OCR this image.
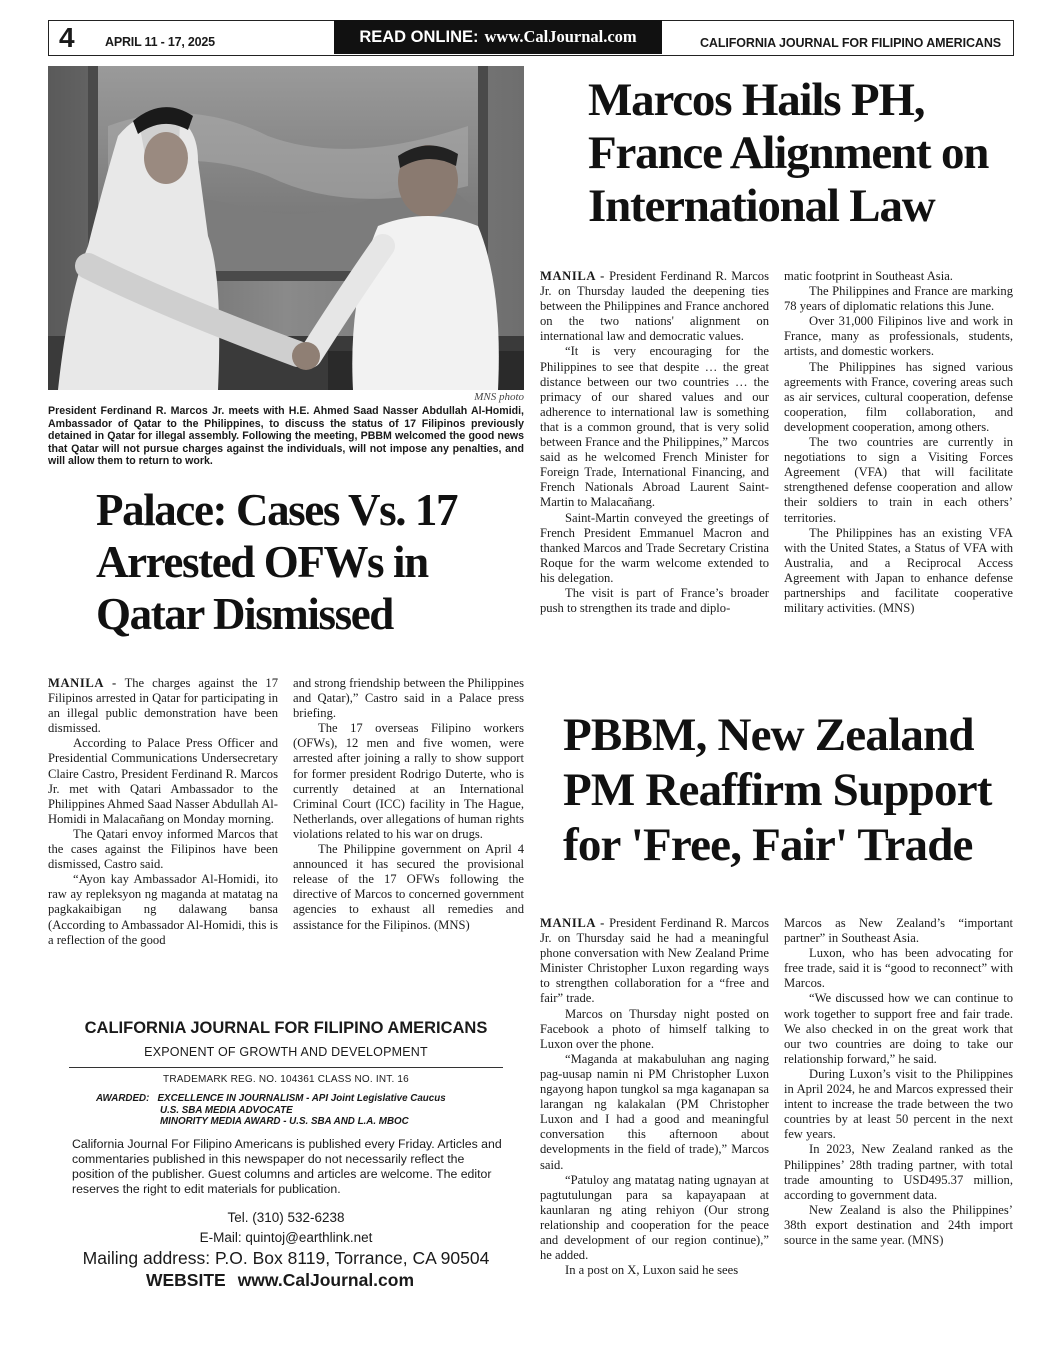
4 APRIL 11 - 17, 2025	READ ONLINE: www.CalJournal.com	CALIFORNIA JOURNAL FOR FILIPINO AMERICANS
MNS photo
President Ferdinand R. Marcos Jr. meets with H.E. Ahmed Saad Nasser Abdullah Al-Homidi, Ambassador of Qatar to the Philippines, to discuss the status of 17 Filipinos previously detained in Qatar for illegal assembly. Following the meeting, PBBM welcomed the good news that Qatar will not pursue charges against the individuals, will not impose any penalties, and will allow them to return to work.
Marcos Hails PH, France Alignment on International Law

MANILA - President Ferdinand R. Marcos Jr. on Thursday lauded the deepening ties between the Philippines and France anchored on the two nations' alignment on international law and democratic values.

“It is very encouraging for the Philippines to see that despite … the great distance between our two countries … the primacy of our shared values and our adherence to international law is something that is a common ground, that is very solid between France and the Philippines,” Marcos said as he welcomed French Minister for Foreign Trade, International Financing, and French Nationals Abroad Laurent Saint-Martin to Malacañang.

Saint-Martin conveyed the greetings of French President Emmanuel Macron and thanked Marcos and Trade Secretary Cristina Roque for the warm welcome extended to his delegation.

The visit is part of France’s broader push to strengthen its trade and diplo-

matic footprint in Southeast Asia.

The Philippines and France are marking 78 years of diplomatic relations this June.

Over 31,000 Filipinos live and work in France, many as professionals, students, artists, and domestic workers.

The Philippines has signed various agreements with France, covering areas such as air services, cultural cooperation, defense cooperation, film collaboration, and development cooperation, among others.

The two countries are currently in negotiations to sign a Visiting Forces Agreement (VFA) that will facilitate strengthened defense cooperation and allow their soldiers to train in each others’ territories.

The Philippines has an existing VFA with the United States, a Status of VFA with Australia, and a Reciprocal Access Agreement with Japan to enhance defense partnerships and facilitate cooperative military activities. (MNS)

Palace: Cases Vs. 17 Arrested OFWs in Qatar Dismissed

MANILA - The charges against the 17 Filipinos arrested in Qatar for participating in an illegal public demonstration have been dismissed.

According to Palace Press Officer and Presidential Communications Undersecretary Claire Castro, President Ferdinand R. Marcos Jr. met with Qatari Ambassador to the Philippines Ahmed Saad Nasser Abdullah Al-Homidi in Malacañang on Monday morning.

The Qatari envoy informed Marcos that the cases against the Filipinos have been dismissed, Castro said.

“Ayon kay Ambassador Al-Homidi, ito raw ay repleksyon ng maganda at matatag na pagkakaibigan ng dalawang bansa (According to Ambassador Al-Homidi, this is a reflection of the good

and strong friendship between the Philippines and Qatar),” Castro said in a Palace press briefing.

The 17 overseas Filipino workers (OFWs), 12 men and five women, were arrested after joining a rally to show support for former president Rodrigo Duterte, who is currently detained at an International Criminal Court (ICC) facility in The Hague, Netherlands, over allegations of human rights violations related to his war on drugs.

The Philippine government on April 4 announced it has secured the provisional release of the 17 OFWs following the directive of Marcos to concerned government agencies to exhaust all remedies and assistance for the Filipinos. (MNS)

PBBM, New Zealand PM Reaffirm Support for 'Free, Fair' Trade

MANILA - President Ferdinand R. Marcos Jr. on Thursday said he had a meaningful phone conversation with New Zealand Prime Minister Christopher Luxon regarding ways to strengthen collaboration for a “free and fair” trade.

Marcos on Thursday night posted on Facebook a photo of himself talking to Luxon over the phone.

“Maganda at makabuluhan ang naging pag-uusap namin ni PM Christopher Luxon ngayong hapon tungkol sa mga kaganapan sa larangan ng kalakalan (PM Christopher Luxon and I had a good and meaningful conversation this afternoon about developments in the field of trade),” Marcos said.

“Patuloy ang matatag nating ugnayan at pagtutulungan para sa kapayapaan at kaunlaran ng ating rehiyon (Our strong relationship and cooperation for the peace and development of our region continue),” he added.

In a post on X, Luxon said he sees

Marcos as New Zealand’s “important partner” in Southeast Asia.

Luxon, who has been advocating for free trade, said it is “good to reconnect” with Marcos.

“We discussed how we can continue to work together to support free and fair trade. We also checked in on the great work that our two countries are doing to take our relationship forward,” he said.

During Luxon’s visit to the Philippines in April 2024, he and Marcos expressed their intent to increase the trade between the two countries by at least 50 percent in the next few years.

In 2023, New Zealand ranked as the Philippines’ 28th trading partner, with total trade amounting to USD495.37 million, according to government data.

New Zealand is also the Philippines’ 38th export destination and 24th import source in the same year. (MNS)

CALIFORNIA JOURNAL FOR FILIPINO AMERICANS
EXPONENT OF GROWTH AND DEVELOPMENT
TRADEMARK REG. NO. 104361 CLASS NO. INT. 16
AWARDED: EXCELLENCE IN JOURNALISM - API Joint Legislative Caucus
U.S. SBA MEDIA ADVOCATE
MINORITY MEDIA AWARD - U.S. SBA AND L.A. MBOC
California Journal For Filipino Americans is published every Friday. Articles and commentaries published in this newspaper do not necessarily reflect the position of the publisher. Guest columns and articles are welcome. The editor reserves the right to edit materials for publication.
Tel. (310) 532-6238
E-Mail: quintoj@earthlink.net
Mailing address: P.O. Box 8119, Torrance, CA 90504
WEBSITE www.CalJournal.com
